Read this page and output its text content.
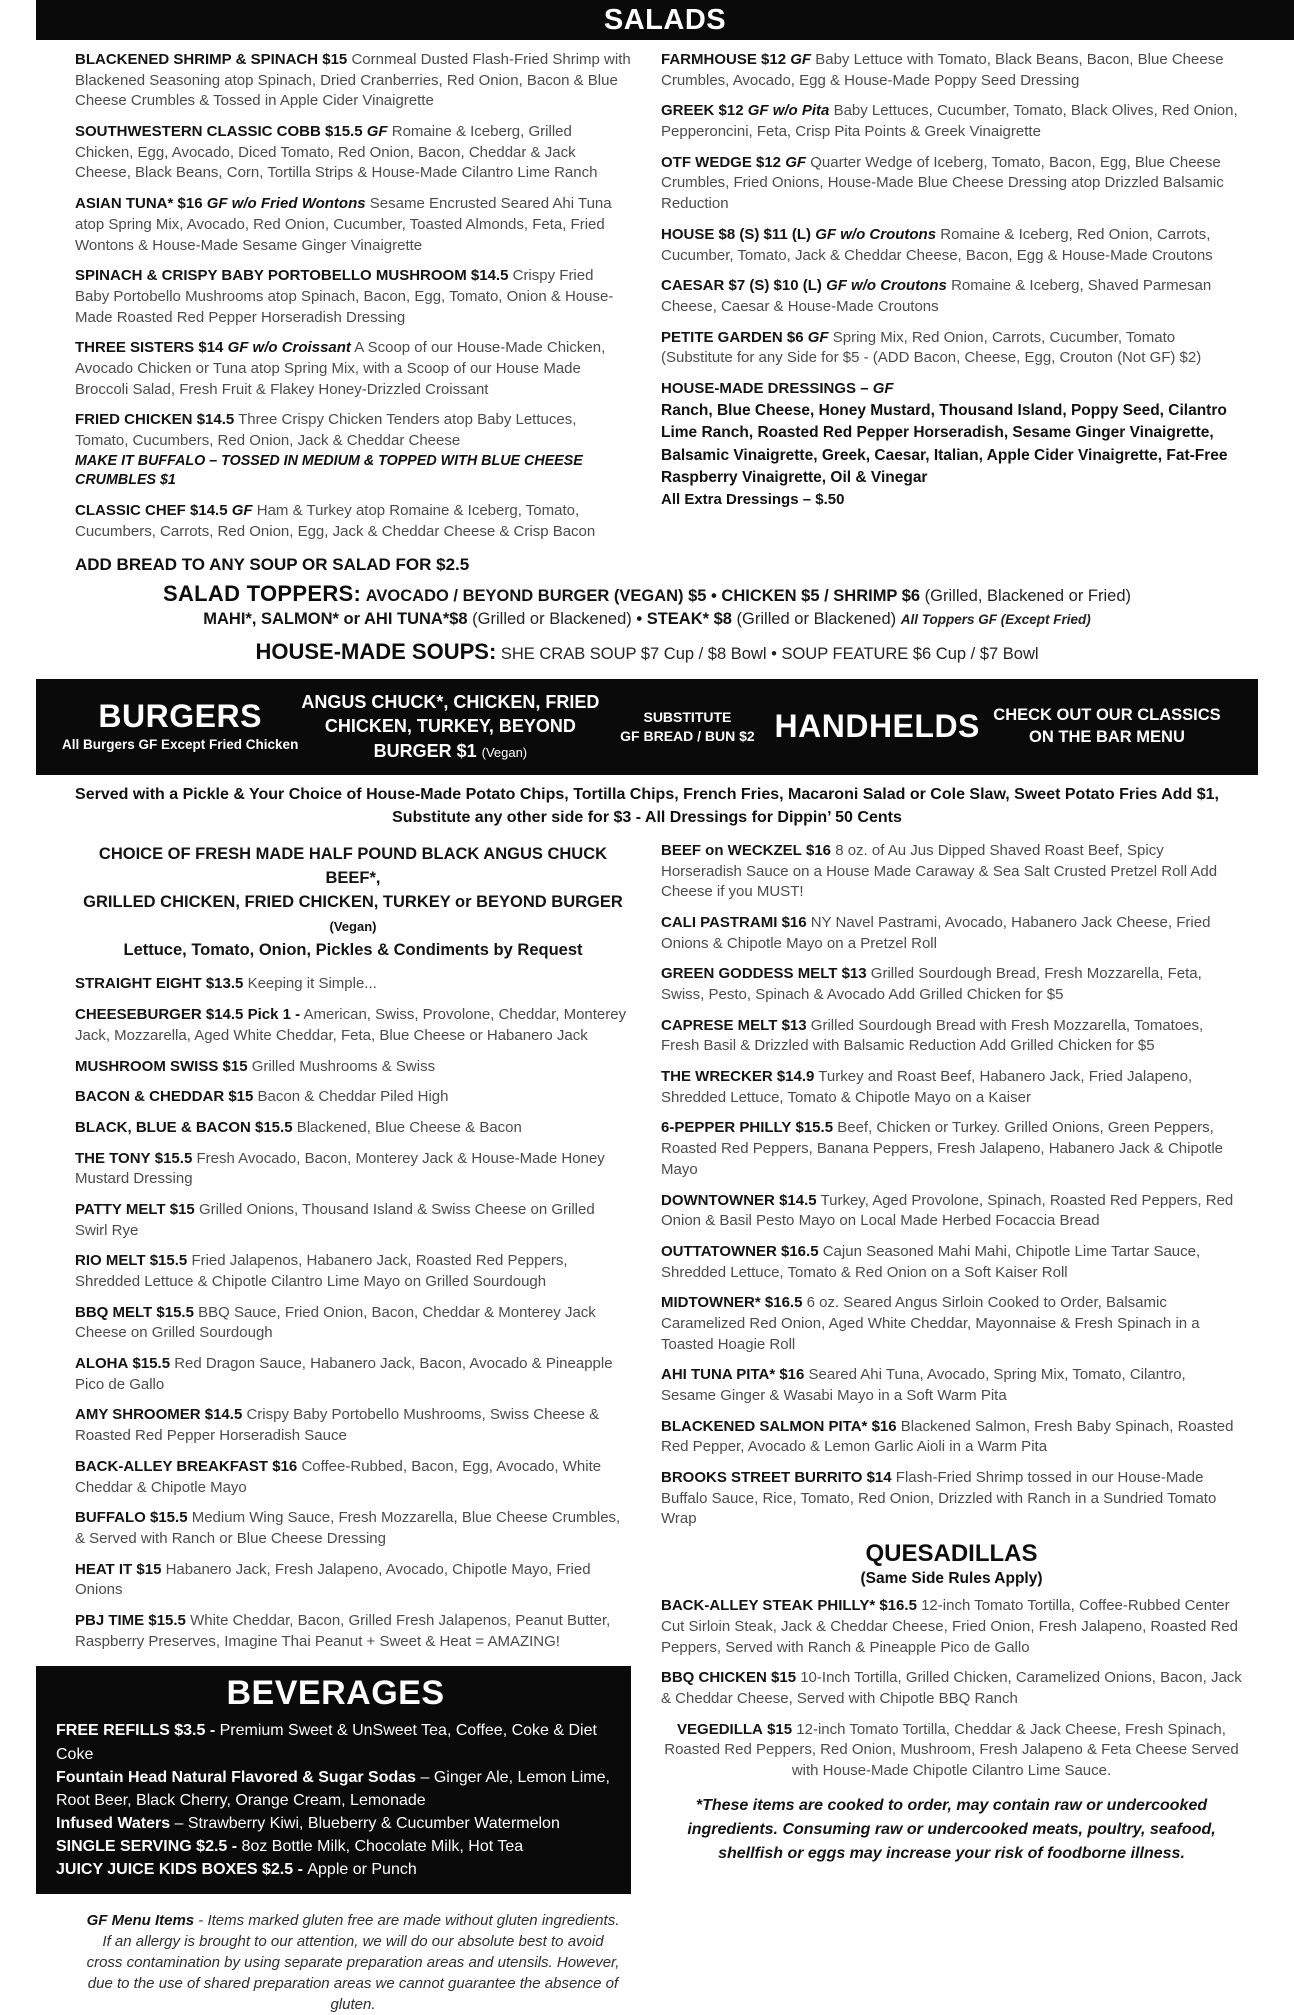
SALADS

BLACKENED SHRIMP & SPINACH $15 Cornmeal Dusted Flash-Fried Shrimp with Blackened Seasoning atop Spinach, Dried Cranberries, Red Onion, Bacon & Blue Cheese Crumbles & Tossed in Apple Cider Vinaigrette

SOUTHWESTERN CLASSIC COBB $15.5 GF Romaine & Iceberg, Grilled Chicken, Egg, Avocado, Diced Tomato, Red Onion, Bacon, Cheddar & Jack Cheese, Black Beans, Corn, Tortilla Strips & House-Made Cilantro Lime Ranch

ASIAN TUNA* $16 GF w/o Fried Wontons Sesame Encrusted Seared Ahi Tuna atop Spring Mix, Avocado, Red Onion, Cucumber, Toasted Almonds, Feta, Fried Wontons & House-Made Sesame Ginger Vinaigrette

SPINACH & CRISPY BABY PORTOBELLO MUSHROOM $14.5 Crispy Fried Baby Portobello Mushrooms atop Spinach, Bacon, Egg, Tomato, Onion & House-Made Roasted Red Pepper Horseradish Dressing

THREE SISTERS $14 GF w/o Croissant A Scoop of our House-Made Chicken, Avocado Chicken or Tuna atop Spring Mix, with a Scoop of our House Made Broccoli Salad, Fresh Fruit & Flakey Honey-Drizzled Croissant

FRIED CHICKEN $14.5 Three Crispy Chicken Tenders atop Baby Lettuces, Tomato, Cucumbers, Red Onion, Jack & Cheddar Cheese
MAKE IT BUFFALO – TOSSED IN MEDIUM & TOPPED WITH BLUE CHEESE CRUMBLES $1

CLASSIC CHEF $14.5 GF Ham & Turkey atop Romaine & Iceberg, Tomato, Cucumbers, Carrots, Red Onion, Egg, Jack & Cheddar Cheese & Crisp Bacon

FARMHOUSE $12 GF Baby Lettuce with Tomato, Black Beans, Bacon, Blue Cheese Crumbles, Avocado, Egg & House-Made Poppy Seed Dressing

GREEK $12 GF w/o Pita Baby Lettuces, Cucumber, Tomato, Black Olives, Red Onion, Pepperoncini, Feta, Crisp Pita Points & Greek Vinaigrette

OTF WEDGE $12 GF Quarter Wedge of Iceberg, Tomato, Bacon, Egg, Blue Cheese Crumbles, Fried Onions, House-Made Blue Cheese Dressing atop Drizzled Balsamic Reduction

HOUSE $8 (S) $11 (L) GF w/o Croutons Romaine & Iceberg, Red Onion, Carrots, Cucumber, Tomato, Jack & Cheddar Cheese, Bacon, Egg & House-Made Croutons

CAESAR $7 (S) $10 (L) GF w/o Croutons Romaine & Iceberg, Shaved Parmesan Cheese, Caesar & House-Made Croutons

PETITE GARDEN $6 GF Spring Mix, Red Onion, Carrots, Cucumber, Tomato (Substitute for any Side for $5 - (ADD Bacon, Cheese, Egg, Crouton (Not GF) $2)

HOUSE-MADE DRESSINGS – GF
Ranch, Blue Cheese, Honey Mustard, Thousand Island, Poppy Seed, Cilantro Lime Ranch, Roasted Red Pepper Horseradish, Sesame Ginger Vinaigrette, Balsamic Vinaigrette, Greek, Caesar, Italian, Apple Cider Vinaigrette, Fat-Free Raspberry Vinaigrette, Oil & Vinegar
All Extra Dressings – $.50

ADD BREAD TO ANY SOUP OR SALAD FOR $2.5
SALAD TOPPERS: AVOCADO / BEYOND BURGER (VEGAN) $5 • CHICKEN $5 / SHRIMP $6 (Grilled, Blackened or Fried)
MAHI*, SALMON* or AHI TUNA*$8 (Grilled or Blackened) • STEAK* $8 (Grilled or Blackened) All Toppers GF (Except Fried)
HOUSE-MADE SOUPS: SHE CRAB SOUP $7 Cup / $8 Bowl • SOUP FEATURE $6 Cup / $7 Bowl
BURGERS
All Burgers GF Except Fried Chicken
ANGUS CHUCK*, CHICKEN, FRIED CHICKEN, TURKEY, BEYOND BURGER $1 (Vegan)
SUBSTITUTE
GF BREAD / BUN $2 HANDHELDS CHECK OUT OUR CLASSICS ON THE BAR MENU
Served with a Pickle & Your Choice of House-Made Potato Chips, Tortilla Chips, French Fries, Macaroni Salad or Cole Slaw, Sweet Potato Fries Add $1,
Substitute any other side for $3 - All Dressings for Dippin’ 50 Cents
CHOICE OF FRESH MADE HALF POUND BLACK ANGUS CHUCK BEEF*,
GRILLED CHICKEN, FRIED CHICKEN, TURKEY or BEYOND BURGER (Vegan)
Lettuce, Tomato, Onion, Pickles & Condiments by Request

STRAIGHT EIGHT $13.5 Keeping it Simple...

CHEESEBURGER $14.5 Pick 1 - American, Swiss, Provolone, Cheddar, Monterey Jack, Mozzarella, Aged White Cheddar, Feta, Blue Cheese or Habanero Jack

MUSHROOM SWISS $15 Grilled Mushrooms & Swiss

BACON & CHEDDAR $15 Bacon & Cheddar Piled High

BLACK, BLUE & BACON $15.5 Blackened, Blue Cheese & Bacon

THE TONY $15.5 Fresh Avocado, Bacon, Monterey Jack & House-Made Honey Mustard Dressing

PATTY MELT $15 Grilled Onions, Thousand Island & Swiss Cheese on Grilled Swirl Rye

RIO MELT $15.5 Fried Jalapenos, Habanero Jack, Roasted Red Peppers, Shredded Lettuce & Chipotle Cilantro Lime Mayo on Grilled Sourdough

BBQ MELT $15.5 BBQ Sauce, Fried Onion, Bacon, Cheddar & Monterey Jack Cheese on Grilled Sourdough

ALOHA $15.5 Red Dragon Sauce, Habanero Jack, Bacon, Avocado & Pineapple Pico de Gallo

AMY SHROOMER $14.5 Crispy Baby Portobello Mushrooms, Swiss Cheese & Roasted Red Pepper Horseradish Sauce

BACK-ALLEY BREAKFAST $16 Coffee-Rubbed, Bacon, Egg, Avocado, White Cheddar & Chipotle Mayo

BUFFALO $15.5 Medium Wing Sauce, Fresh Mozzarella, Blue Cheese Crumbles, & Served with Ranch or Blue Cheese Dressing

HEAT IT $15 Habanero Jack, Fresh Jalapeno, Avocado, Chipotle Mayo, Fried Onions

PBJ TIME $15.5 White Cheddar, Bacon, Grilled Fresh Jalapenos, Peanut Butter, Raspberry Preserves, Imagine Thai Peanut + Sweet & Heat = AMAZING!

BEVERAGES
FREE REFILLS $3.5 - Premium Sweet & UnSweet Tea, Coffee, Coke & Diet Coke
Fountain Head Natural Flavored & Sugar Sodas – Ginger Ale, Lemon Lime, Root Beer, Black Cherry, Orange Cream, Lemonade
Infused Waters – Strawberry Kiwi, Blueberry & Cucumber Watermelon
SINGLE SERVING $2.5 - 8oz Bottle Milk, Chocolate Milk, Hot Tea
JUICY JUICE KIDS BOXES $2.5 - Apple or Punch
GF Menu Items - Items marked gluten free are made without gluten ingredients. If an allergy is brought to our attention, we will do our absolute best to avoid cross contamination by using separate preparation areas and utensils. However, due to the use of shared preparation areas we cannot guarantee the absence of gluten.

BEEF on WECKZEL $16 8 oz. of Au Jus Dipped Shaved Roast Beef, Spicy Horseradish Sauce on a House Made Caraway & Sea Salt Crusted Pretzel Roll Add Cheese if you MUST!

CALI PASTRAMI $16 NY Navel Pastrami, Avocado, Habanero Jack Cheese, Fried Onions & Chipotle Mayo on a Pretzel Roll

GREEN GODDESS MELT $13 Grilled Sourdough Bread, Fresh Mozzarella, Feta, Swiss, Pesto, Spinach & Avocado Add Grilled Chicken for $5

CAPRESE MELT $13 Grilled Sourdough Bread with Fresh Mozzarella, Tomatoes, Fresh Basil & Drizzled with Balsamic Reduction Add Grilled Chicken for $5

THE WRECKER $14.9 Turkey and Roast Beef, Habanero Jack, Fried Jalapeno, Shredded Lettuce, Tomato & Chipotle Mayo on a Kaiser

6-PEPPER PHILLY $15.5 Beef, Chicken or Turkey. Grilled Onions, Green Peppers, Roasted Red Peppers, Banana Peppers, Fresh Jalapeno, Habanero Jack & Chipotle Mayo

DOWNTOWNER $14.5 Turkey, Aged Provolone, Spinach, Roasted Red Peppers, Red Onion & Basil Pesto Mayo on Local Made Herbed Focaccia Bread

OUTTATOWNER $16.5 Cajun Seasoned Mahi Mahi, Chipotle Lime Tartar Sauce, Shredded Lettuce, Tomato & Red Onion on a Soft Kaiser Roll

MIDTOWNER* $16.5 6 oz. Seared Angus Sirloin Cooked to Order, Balsamic Caramelized Red Onion, Aged White Cheddar, Mayonnaise & Fresh Spinach in a Toasted Hoagie Roll

AHI TUNA PITA* $16 Seared Ahi Tuna, Avocado, Spring Mix, Tomato, Cilantro, Sesame Ginger & Wasabi Mayo in a Soft Warm Pita

BLACKENED SALMON PITA* $16 Blackened Salmon, Fresh Baby Spinach, Roasted Red Pepper, Avocado & Lemon Garlic Aioli in a Warm Pita

BROOKS STREET BURRITO $14 Flash-Fried Shrimp tossed in our House-Made Buffalo Sauce, Rice, Tomato, Red Onion, Drizzled with Ranch in a Sundried Tomato Wrap

QUESADILLAS
(Same Side Rules Apply)

BACK-ALLEY STEAK PHILLY* $16.5 12-inch Tomato Tortilla, Coffee-Rubbed Center Cut Sirloin Steak, Jack & Cheddar Cheese, Fried Onion, Fresh Jalapeno, Roasted Red Peppers, Served with Ranch & Pineapple Pico de Gallo

BBQ CHICKEN $15 10-Inch Tortilla, Grilled Chicken, Caramelized Onions, Bacon, Jack & Cheddar Cheese, Served with Chipotle BBQ Ranch

VEGEDILLA $15 12-inch Tomato Tortilla, Cheddar & Jack Cheese, Fresh Spinach, Roasted Red Peppers, Red Onion, Mushroom, Fresh Jalapeno & Feta Cheese Served with House-Made Chipotle Cilantro Lime Sauce.

*These items are cooked to order, may contain raw or undercooked ingredients. Consuming raw or undercooked meats, poultry, seafood, shellfish or eggs may increase your risk of foodborne illness.
